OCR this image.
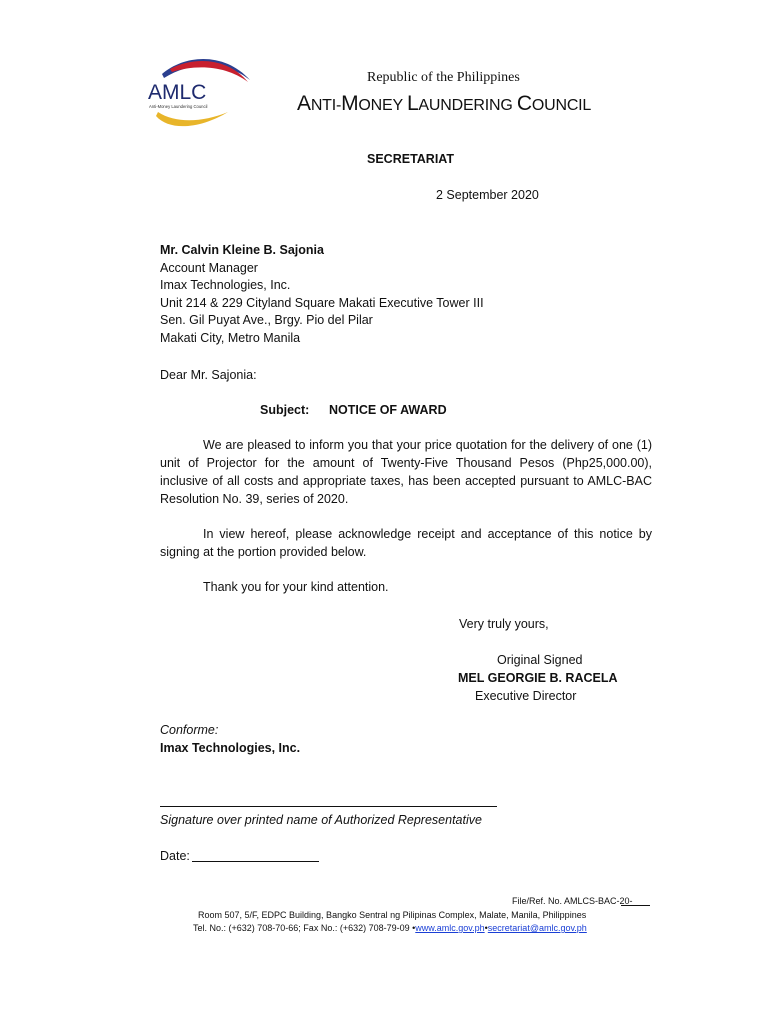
AMLC
Anti-Money Laundering Council
Republic of the Philippines
ANTI-MONEY LAUNDERING COUNCIL
SECRETARIAT
2 September 2020
Mr. Calvin Kleine B. Sajonia
Account Manager
Imax Technologies, Inc.
Unit 214 & 229 Cityland Square Makati Executive Tower III
Sen. Gil Puyat Ave., Brgy. Pio del Pilar
Makati City, Metro Manila
Dear Mr. Sajonia:
Subject: NOTICE OF AWARD
We are pleased to inform you that your price quotation for the delivery of one (1) unit of Projector for the amount of Twenty-Five Thousand Pesos (Php25,000.00), inclusive of all costs and appropriate taxes, has been accepted pursuant to AMLC-BAC Resolution No. 39, series of 2020.
In view hereof, please acknowledge receipt and acceptance of this notice by signing at the portion provided below.
Thank you for your kind attention.
Very truly yours,
Original Signed
MEL GEORGIE B. RACELA
Executive Director
Conforme:
Imax Technologies, Inc.
Signature over printed name of Authorized Representative
Date:
File/Ref. No. AMLCS-BAC-20-
Room 507, 5/F, EDPC Building, Bangko Sentral ng Pilipinas Complex, Malate, Manila, Philippines
Tel. No.: (+632) 708-70-66; Fax No.: (+632) 708-79-09 •www.amlc.gov.ph•secretariat@amlc.gov.ph
